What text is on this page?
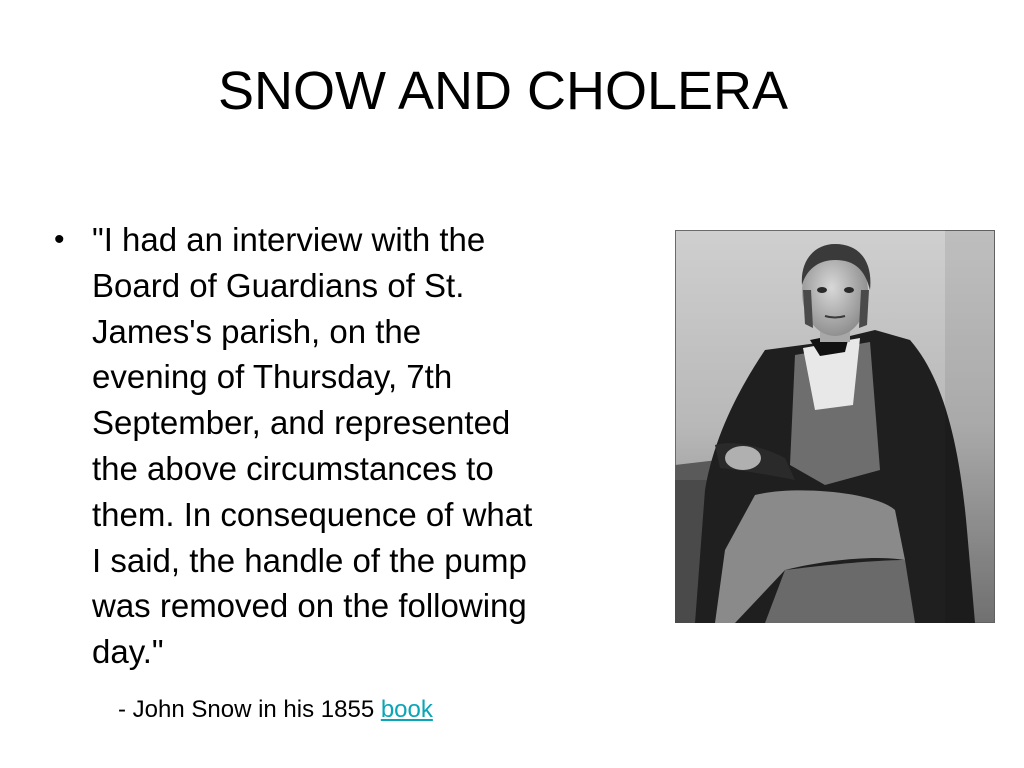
SNOW AND CHOLERA
• "I had an interview with the
Board of Guardians of St.
James's parish, on the
evening of Thursday, 7th
September, and represented
the above circumstances to
them. In consequence of what
I said, the handle of the pump
was removed on the following
day."
- John Snow in his 1855 book
